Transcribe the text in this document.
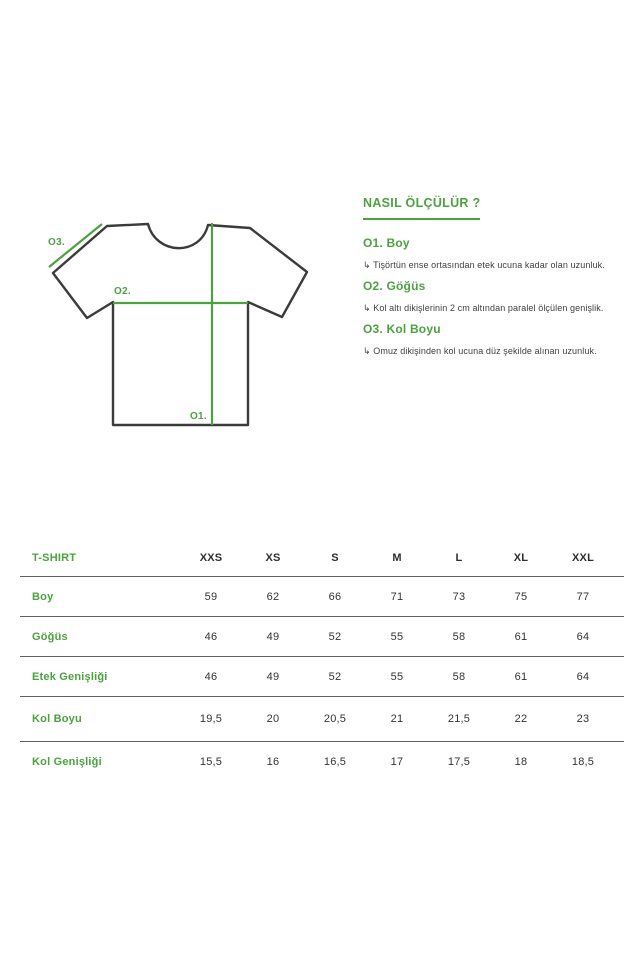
O3.
O2.
O1.
NASIL ÖLÇÜLÜR ?
O1. Boy

↳ Tişörtün ense ortasından etek ucuna kadar olan uzunluk.

O2. Göğüs

↳ Kol altı dikişlerinin 2 cm altından paralel ölçülen genişlik.

O3. Kol Boyu

↳ Omuz dikişinden kol ucuna düz şekilde alınan uzunluk.

T-SHIRT	XXS	XS	S	M	L	XL	XXL
Boy	59	62	66	71	73	75	77
Göğüs	46	49	52	55	58	61	64
Etek Genişliği	46	49	52	55	58	61	64
Kol Boyu	19,5	20	20,5	21	21,5	22	23
Kol Genişliği	15,5	16	16,5	17	17,5	18	18,5
